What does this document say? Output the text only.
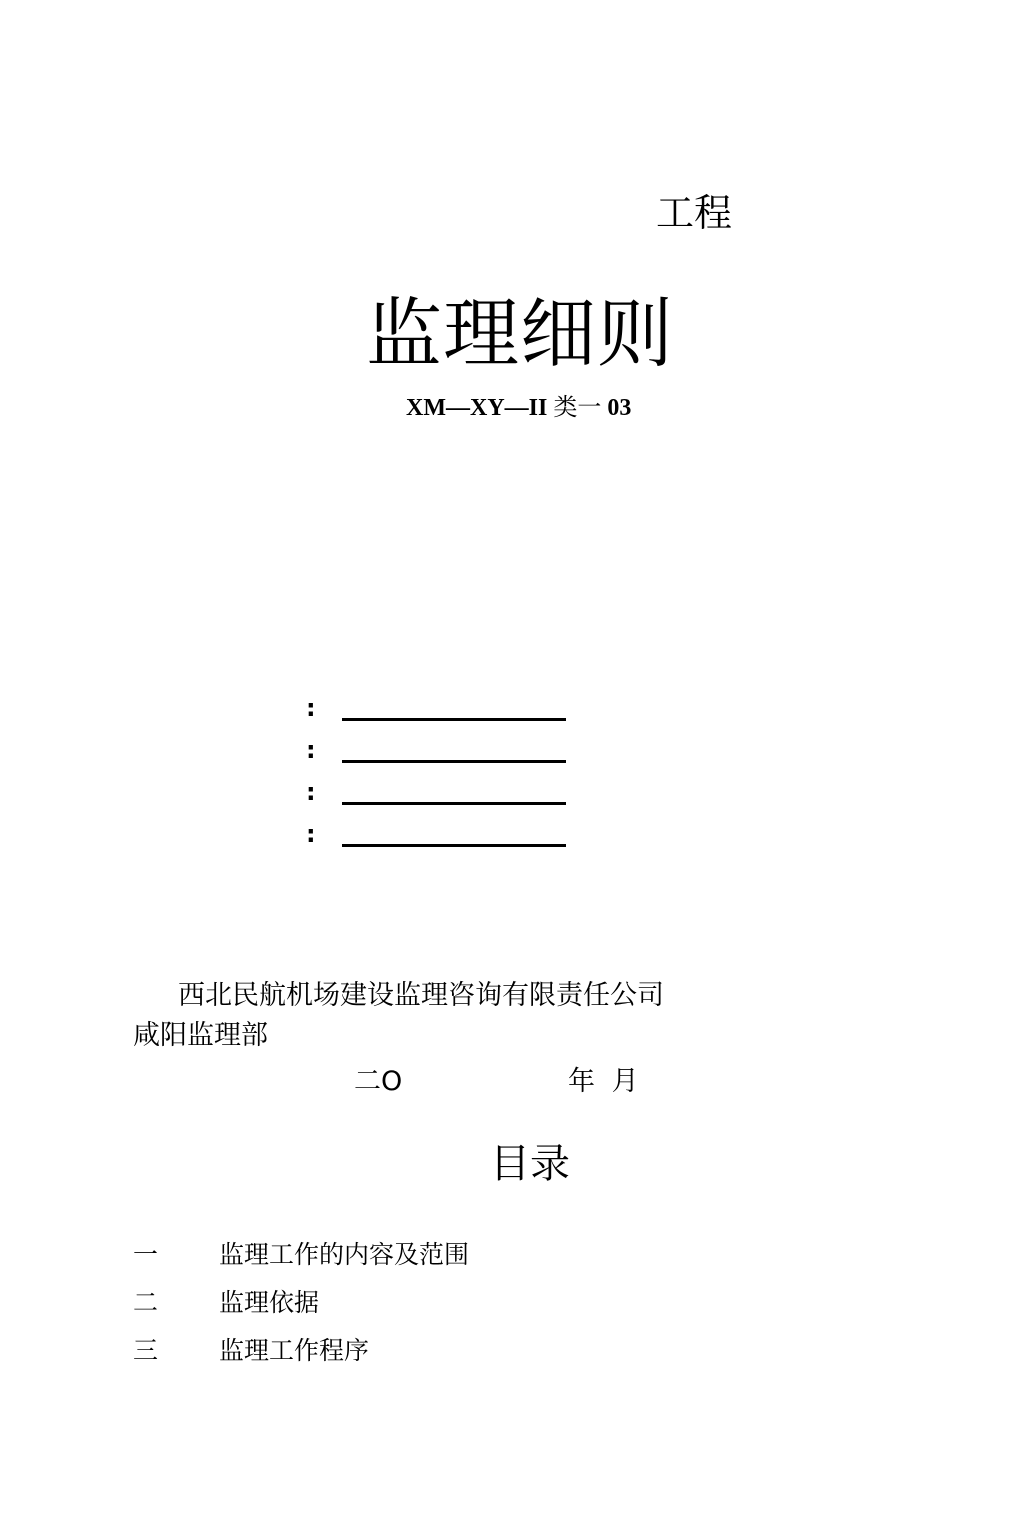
工程
监理细则
XM—XY—II 类一 03
:
:
:
:
西北民航机场建设监理咨询有限责任公司
咸阳监理部
二O	年 月
目录
一 监理工作的内容及范围
二 监理依据
三 监理工作程序
